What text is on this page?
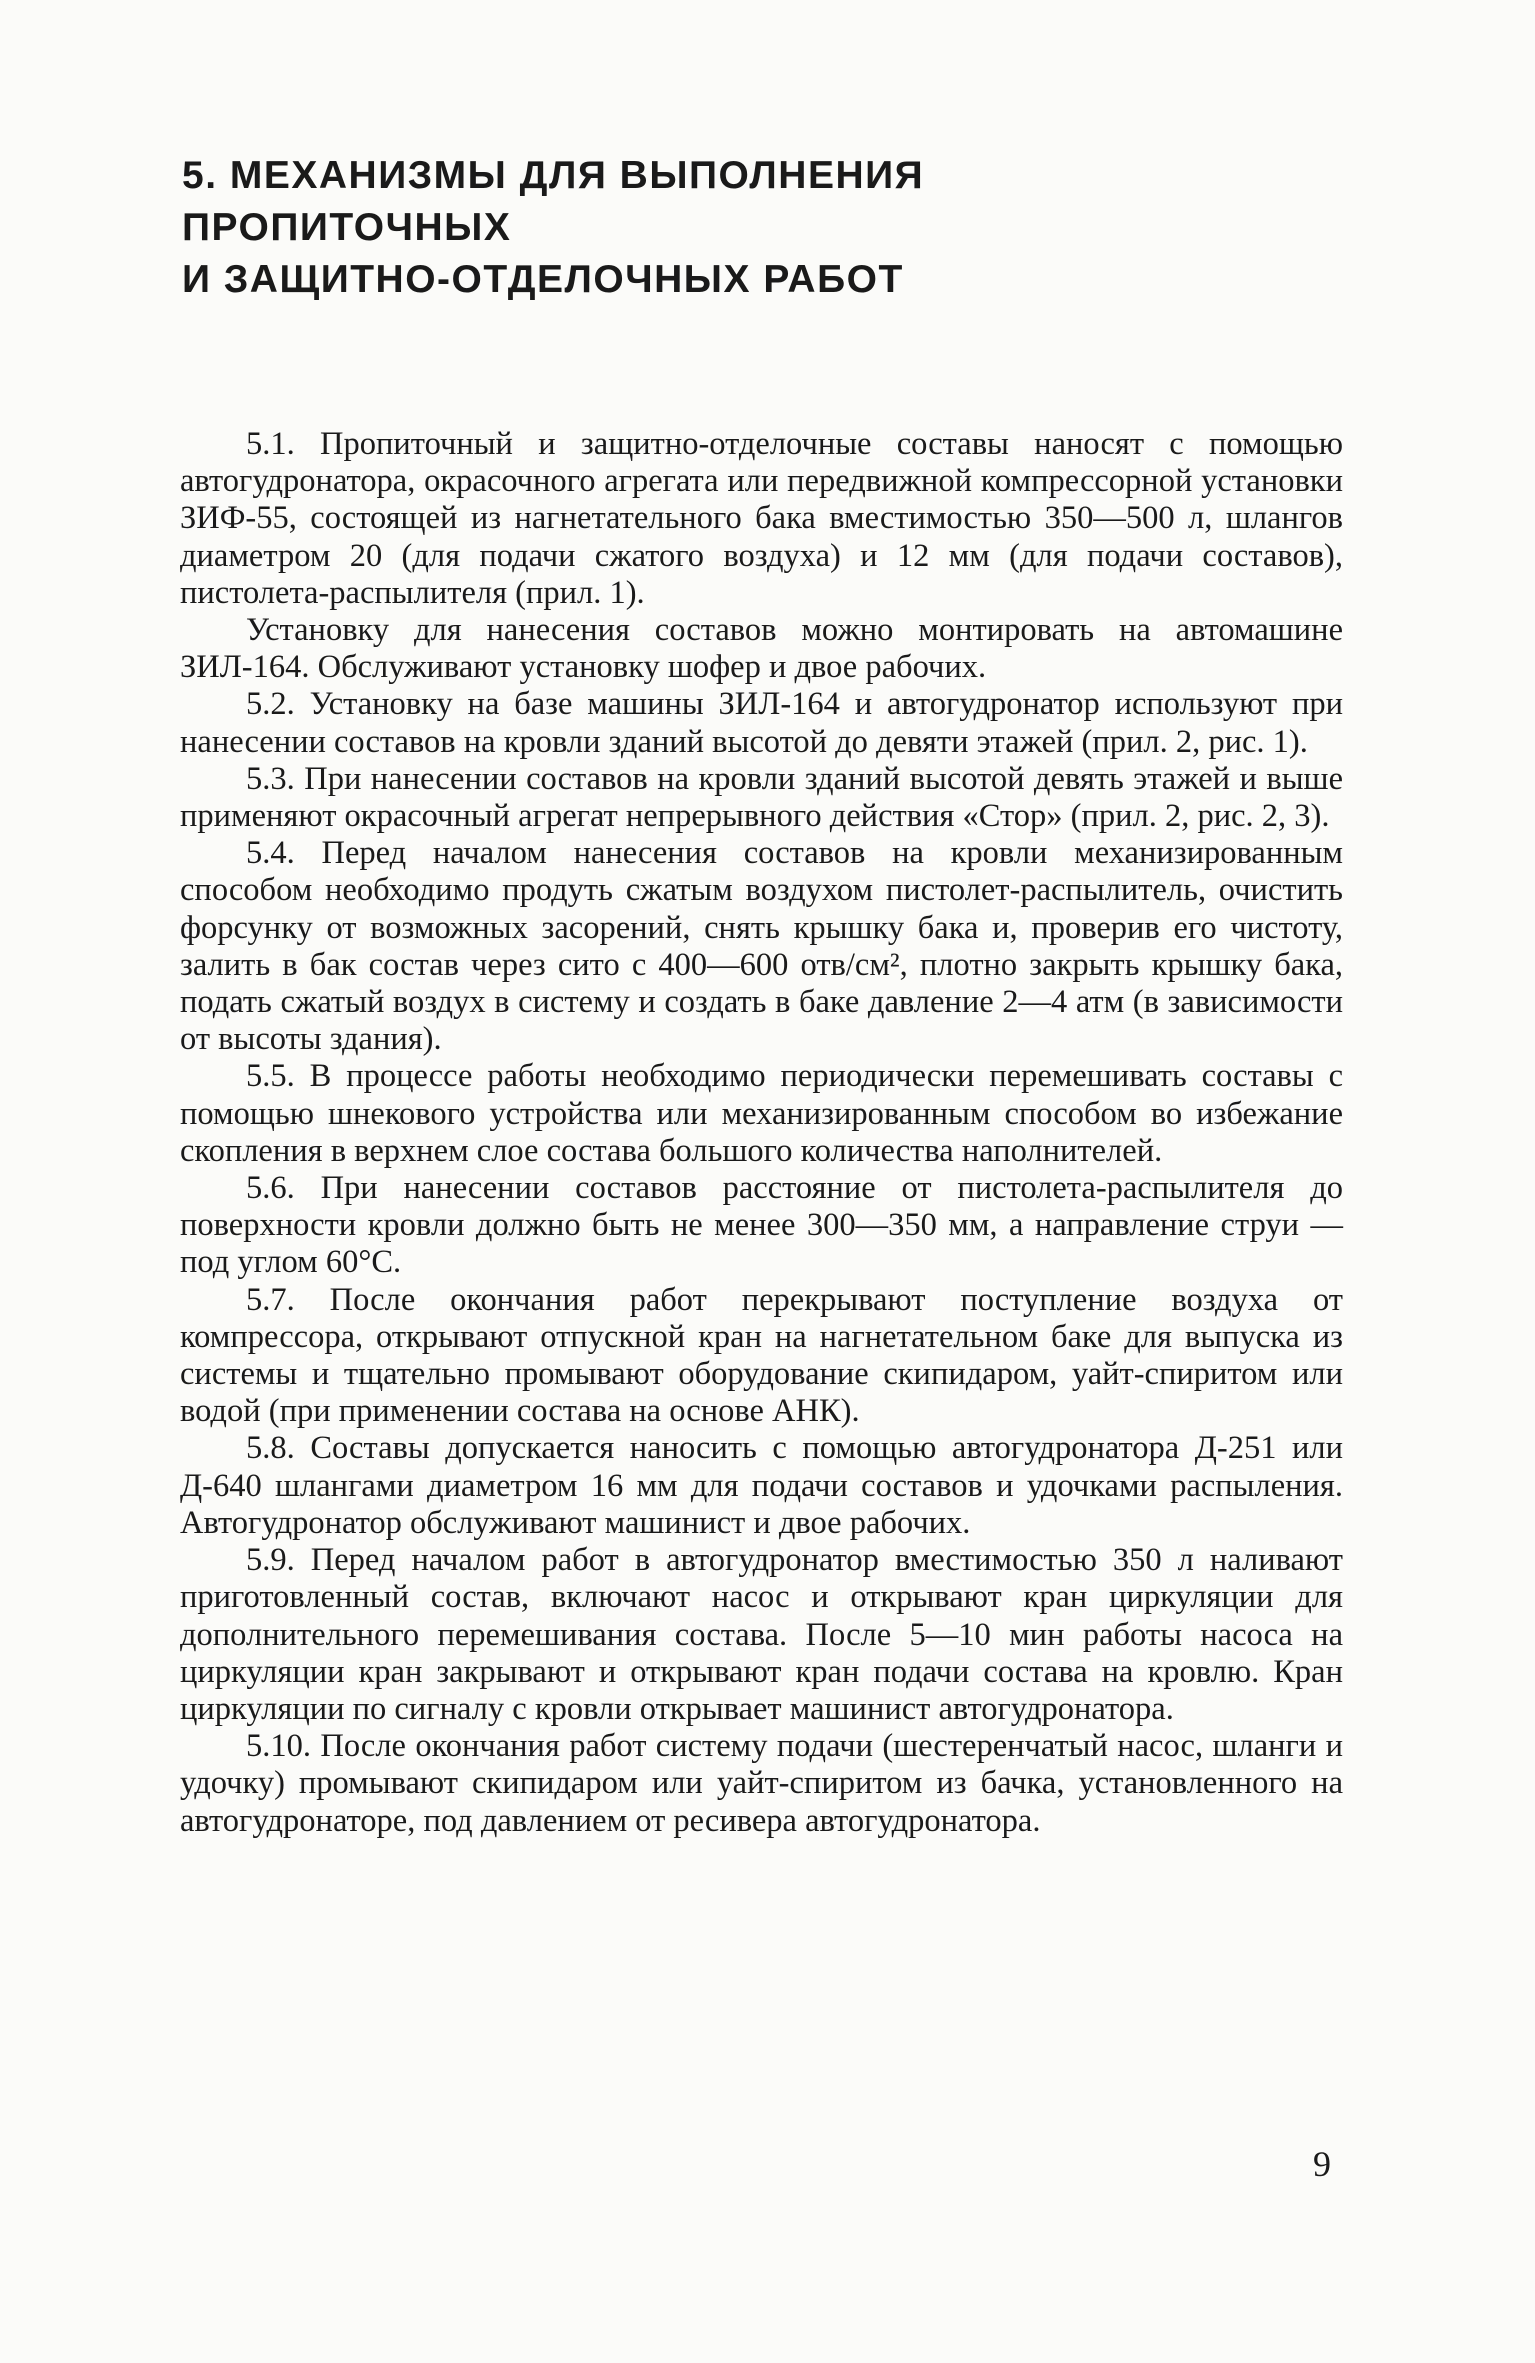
5. МЕХАНИЗМЫ ДЛЯ ВЫПОЛНЕНИЯ
ПРОПИТОЧНЫХ
И ЗАЩИТНО-ОТДЕЛОЧНЫХ РАБОТ

5.1. Пропиточный и защитно-отделочные составы наносят с помощью автогудронатора, окрасочного агрегата или передвижной компрессорной установки ЗИФ-55, состоящей из нагнетательного бака вместимостью 350—500 л, шлангов диаметром 20 (для подачи сжатого воздуха) и 12 мм (для подачи составов), пистолета-распылителя (прил. 1).

Установку для нанесения составов можно монтировать на автомашине ЗИЛ-164. Обслуживают установку шофер и двое рабочих.

5.2. Установку на базе машины ЗИЛ-164 и автогудронатор используют при нанесении составов на кровли зданий высотой до девяти этажей (прил. 2, рис. 1).

5.3. При нанесении составов на кровли зданий высотой девять этажей и выше применяют окрасочный агрегат непрерывного действия «Стор» (прил. 2, рис. 2, 3).

5.4. Перед началом нанесения составов на кровли механизированным способом необходимо продуть сжатым воздухом пистолет-распылитель, очистить форсунку от возможных засорений, снять крышку бака и, проверив его чистоту, залить в бак состав через сито с 400—600 отв/см², плотно закрыть крышку бака, подать сжатый воздух в систему и создать в баке давление 2—4 атм (в зависимости от высоты здания).

5.5. В процессе работы необходимо периодически перемешивать составы с помощью шнекового устройства или механизированным способом во избежание скопления в верхнем слое состава большого количества наполнителей.

5.6. При нанесении составов расстояние от пистолета-распылителя до поверхности кровли должно быть не менее 300—350 мм, а направление струи — под углом 60°С.

5.7. После окончания работ перекрывают поступление воздуха от компрессора, открывают отпускной кран на нагнетательном баке для выпуска из системы и тщательно промывают оборудование скипидаром, уайт-спиритом или водой (при применении состава на основе АНК).

5.8. Составы допускается наносить с помощью автогудронатора Д-251 или Д-640 шлангами диаметром 16 мм для подачи составов и удочками распыления. Автогудронатор обслуживают машинист и двое рабочих.

5.9. Перед началом работ в автогудронатор вместимостью 350 л наливают приготовленный состав, включают насос и открывают кран циркуляции для дополнительного перемешивания состава. После 5—10 мин работы насоса на циркуляции кран закрывают и открывают кран подачи состава на кровлю. Кран циркуляции по сигналу с кровли открывает машинист автогудронатора.

5.10. После окончания работ систему подачи (шестеренчатый насос, шланги и удочку) промывают скипидаром или уайт-спиритом из бачка, установленного на автогудронаторе, под давлением от ресивера автогудронатора.

9
